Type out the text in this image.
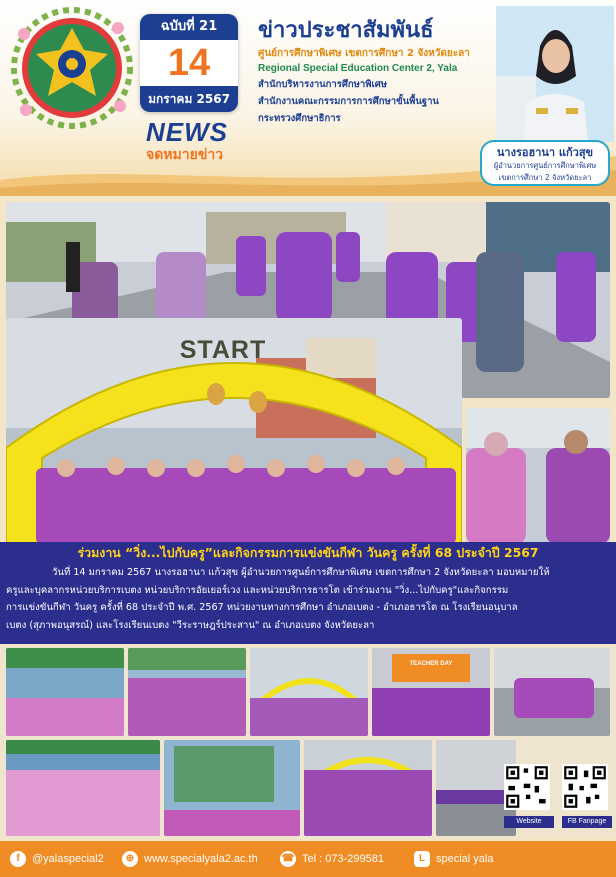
ฉบับที่ 21
14
มกราคม 2567
NEWS
จดหมายข่าว
ข่าวประชาสัมพันธ์
ศูนย์การศึกษาพิเศษ เขตการศึกษา 2 จังหวัดยะลา
Regional Special Education Center 2, Yala
สำนักบริหารงานการศึกษาพิเศษ
สำนักงานคณะกรรมการการศึกษาขั้นพื้นฐาน
กระทรวงศึกษาธิการ
นางรอฮานา แก้วสุข
ผู้อำนวยการศูนย์การศึกษาพิเศษ
เขตการศึกษา 2 จังหวัดยะลา
START
ร่วมงาน “วิ่ง...ไปกับครู”และกิจกรรมการแข่งขันกีฬา วันครู ครั้งที่ 68 ประจำปี 2567
วันที่ 14 มกราคม 2567 นางรอฮานา แก้วสุข ผู้อำนวยการศูนย์การศึกษาพิเศษ เขตการศึกษา 2 จังหวัดยะลา มอบหมายให้
ครูและบุคลากรหน่วยบริการเบตง หน่วยบริการอัยเยอร์เวง และหน่วยบริการธารโต เข้าร่วมงาน "วิ่ง...ไปกับครู"และกิจกรรม
การแข่งขันกีฬา วันครู ครั้งที่ 68 ประจำปี พ.ศ. 2567 หน่วยงานทางการศึกษา อำเภอเบตง - อำเภอธารโต ณ โรงเรียนอนุบาล
เบตง (สุภาพอนุสรณ์) และโรงเรียนเบตง "วีระราษฎร์ประสาน" ณ อำเภอเบตง จังหวัดยะลา
TEACHER DAY
Website	FB Fanpage
f	@yalaspecial2	⊕ www.specialyala2.ac.th ☎ Tel : 073-299581	L special yala
